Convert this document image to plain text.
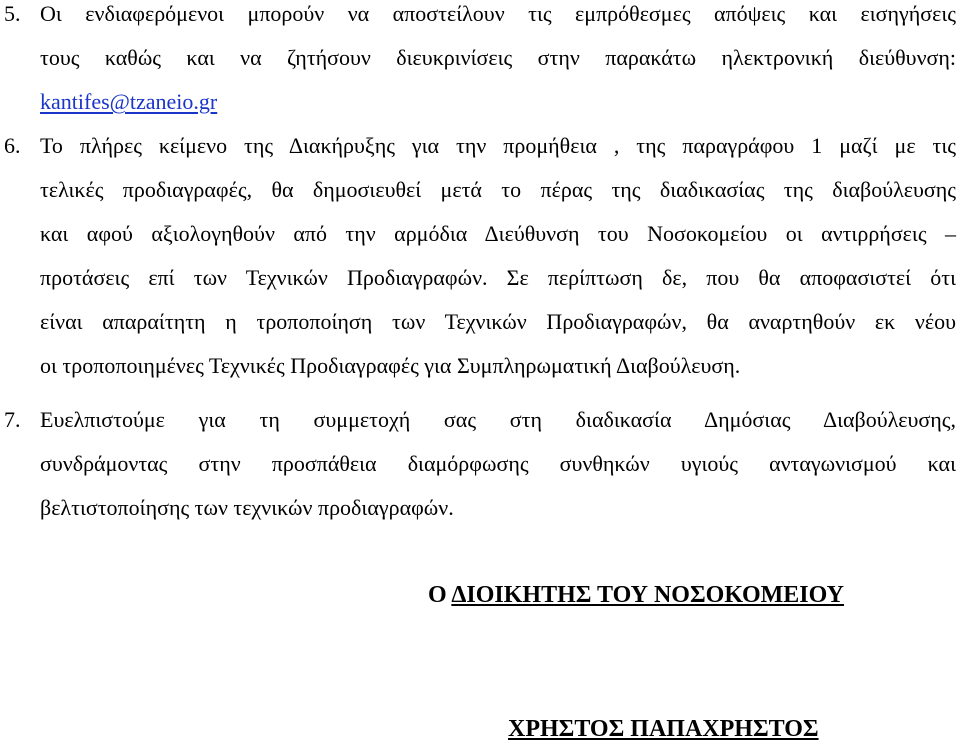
5. Οι ενδιαφερόμενοι μπορούν να αποστείλουν τις εμπρόθεσμες απόψεις και εισηγήσεις
τους καθώς και να ζητήσουν διευκρινίσεις στην παρακάτω ηλεκτρονική διεύθυνση:
kantifes@tzaneio.gr
6. Το πλήρες κείμενο της Διακήρυξης για την προμήθεια , της παραγράφου 1 μαζί με τις
τελικές προδιαγραφές, θα δημοσιευθεί μετά το πέρας της διαδικασίας της διαβούλευσης
και αφού αξιολογηθούν από την αρμόδια Διεύθυνση του Νοσοκομείου οι αντιρρήσεις –
προτάσεις επί των Τεχνικών Προδιαγραφών. Σε περίπτωση δε, που θα αποφασιστεί ότι
είναι απαραίτητη η τροποποίηση των Τεχνικών Προδιαγραφών, θα αναρτηθούν εκ νέου
οι τροποποιημένες Τεχνικές Προδιαγραφές για Συμπληρωματική Διαβούλευση.
7. Ευελπιστούμε για τη συμμετοχή σας στη διαδικασία Δημόσιας Διαβούλευσης,
συνδράμοντας στην προσπάθεια διαμόρφωσης συνθηκών υγιούς ανταγωνισμού και
βελτιστοποίησης των τεχνικών προδιαγραφών.
Ο ΔΙΟΙΚΗΤΗΣ ΤΟΥ ΝΟΣΟΚΟΜΕΙΟΥ
ΧΡΗΣΤΟΣ ΠΑΠΑΧΡΗΣΤΟΣ
